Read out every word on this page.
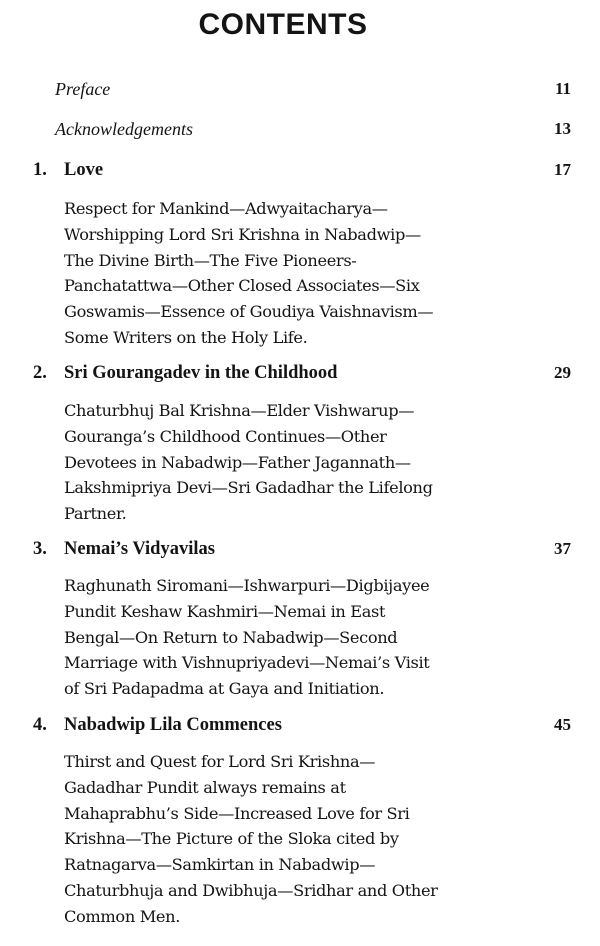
CONTENTS
Preface	11
Acknowledgements	13
1. Love	17
Respect for Mankind—Adwyaitacharya—
Worshipping Lord Sri Krishna in Nabadwip—
The Divine Birth—The Five Pioneers-
Panchatattwa—Other Closed Associates—Six
Goswamis—Essence of Goudiya Vaishnavism—
Some Writers on the Holy Life.
2. Sri Gourangadev in the Childhood	29
Chaturbhuj Bal Krishna—Elder Vishwarup—
Gouranga’s Childhood Continues—Other
Devotees in Nabadwip—Father Jagannath—
Lakshmipriya Devi—Sri Gadadhar the Lifelong
Partner.
3. Nemai’s Vidyavilas	37
Raghunath Siromani—Ishwarpuri—Digbijayee
Pundit Keshaw Kashmiri—Nemai in East
Bengal—On Return to Nabadwip—Second
Marriage with Vishnupriyadevi—Nemai’s Visit
of Sri Padapadma at Gaya and Initiation.
4. Nabadwip Lila Commences	45
Thirst and Quest for Lord Sri Krishna—
Gadadhar Pundit always remains at
Mahaprabhu’s Side—Increased Love for Sri
Krishna—The Picture of the Sloka cited by
Ratnagarva—Samkirtan in Nabadwip—
Chaturbhuja and Dwibhuja—Sridhar and Other
Common Men.
